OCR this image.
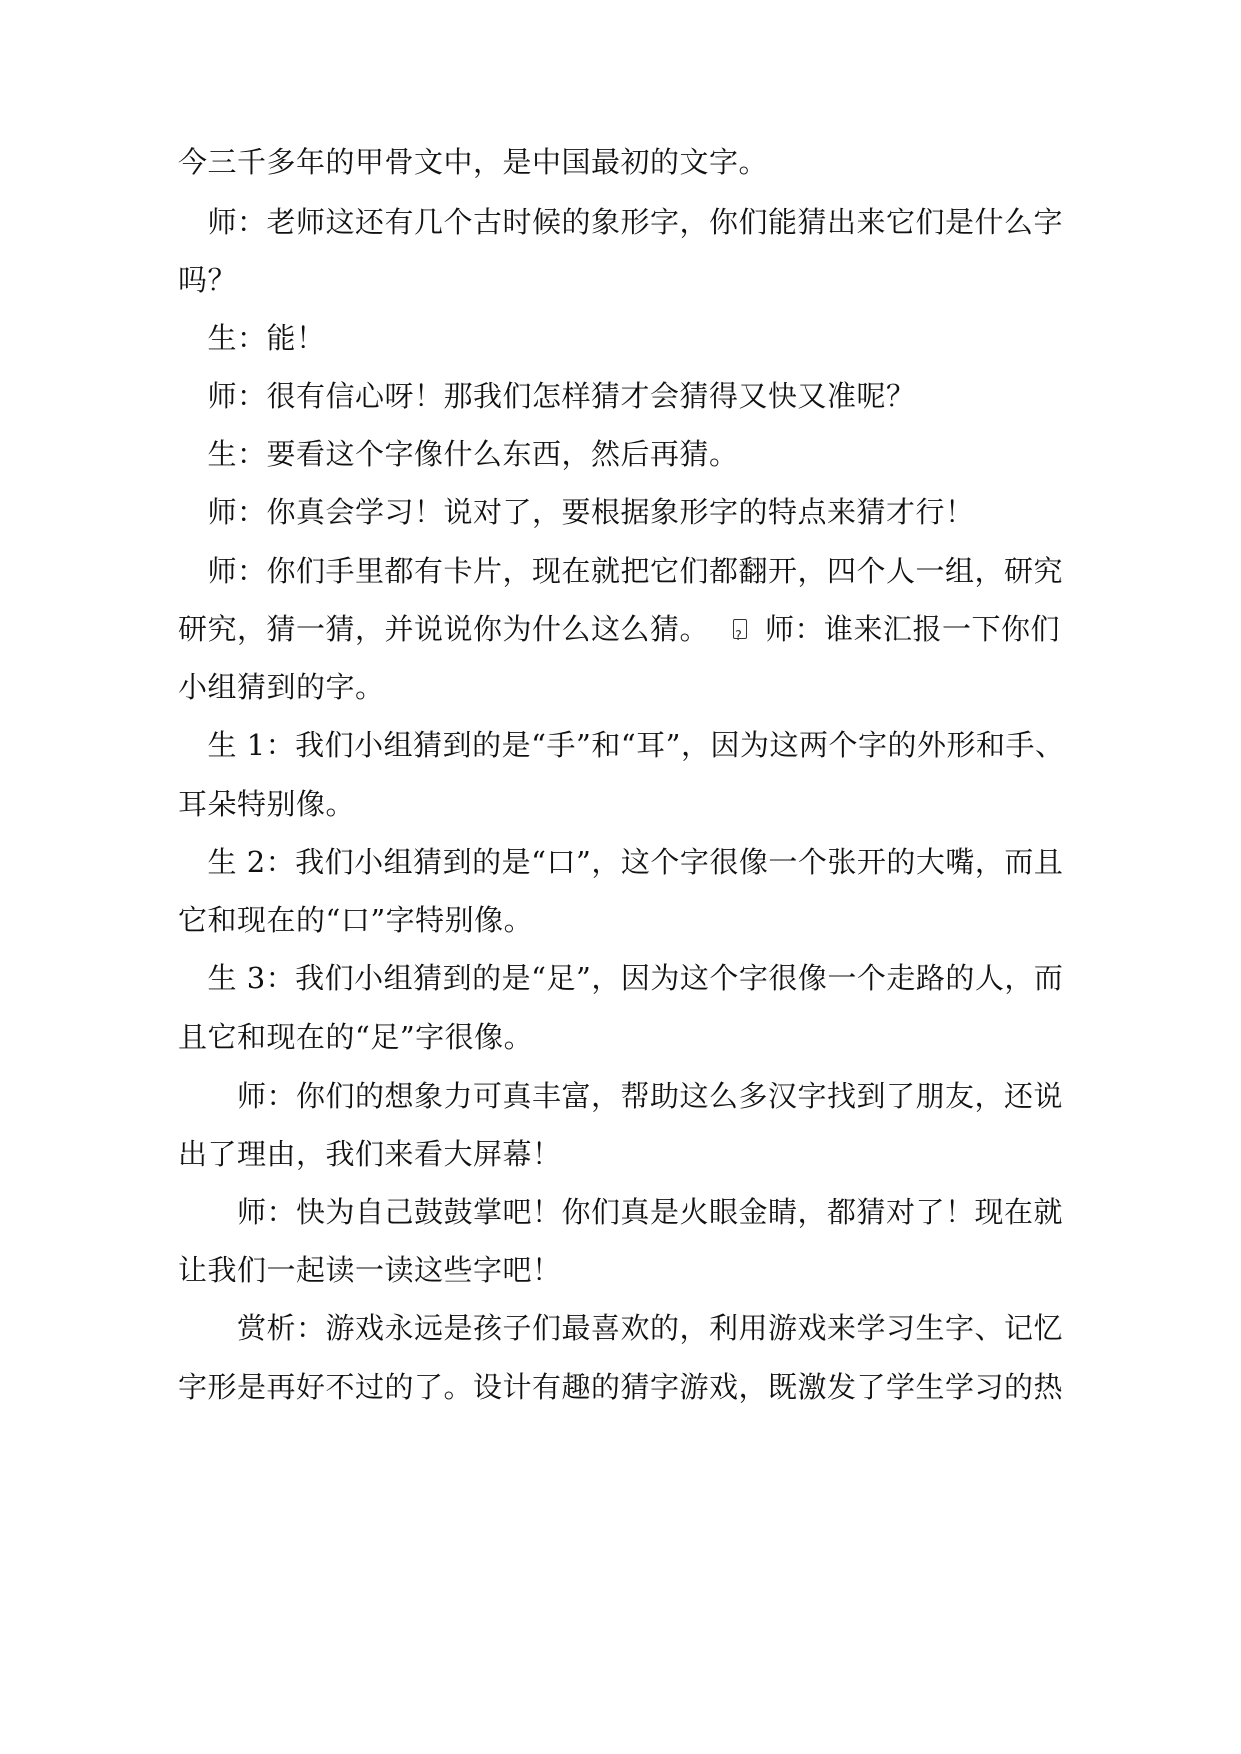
今三千多年的甲骨文中，是中国最初的文字。
　师：老师这还有几个古时候的象形字，你们能猜出来它们是什么字
吗？
　生：能！
　师：很有信心呀！那我们怎样猜才会猜得又快又准呢？
　生：要看这个字像什么东西，然后再猜。
　师：你真会学习！说对了，要根据象形字的特点来猜才行！
　师：你们手里都有卡片，现在就把它们都翻开，四个人一组，研究
研究，猜一猜，并说说你为什么这么猜。? 师：谁来汇报一下你们
小组猜到的字。
　生 1：我们小组猜到的是“手”和“耳”，因为这两个字的外形和手、
耳朵特别像。
　生 2：我们小组猜到的是“口”，这个字很像一个张开的大嘴，而且
它和现在的“口”字特别像。
　生 3：我们小组猜到的是“足”，因为这个字很像一个走路的人，而
且它和现在的“足”字很像。
　　师：你们的想象力可真丰富，帮助这么多汉字找到了朋友，还说
出了理由，我们来看大屏幕！
　　师：快为自己鼓鼓掌吧！你们真是火眼金睛，都猜对了！现在就
让我们一起读一读这些字吧！
　　赏析：游戏永远是孩子们最喜欢的，利用游戏来学习生字、记忆
字形是再好不过的了。设计有趣的猜字游戏，既激发了学生学习的热
